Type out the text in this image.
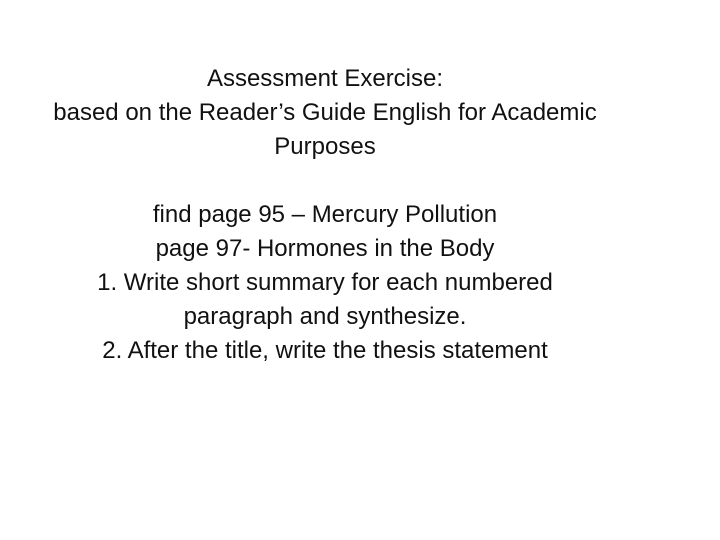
Assessment Exercise:
based on the Reader’s Guide English for Academic
Purposes
find page 95 – Mercury Pollution
page 97- Hormones in the Body
1. Write short summary for each numbered
paragraph and synthesize.
2. After the title, write the thesis statement
